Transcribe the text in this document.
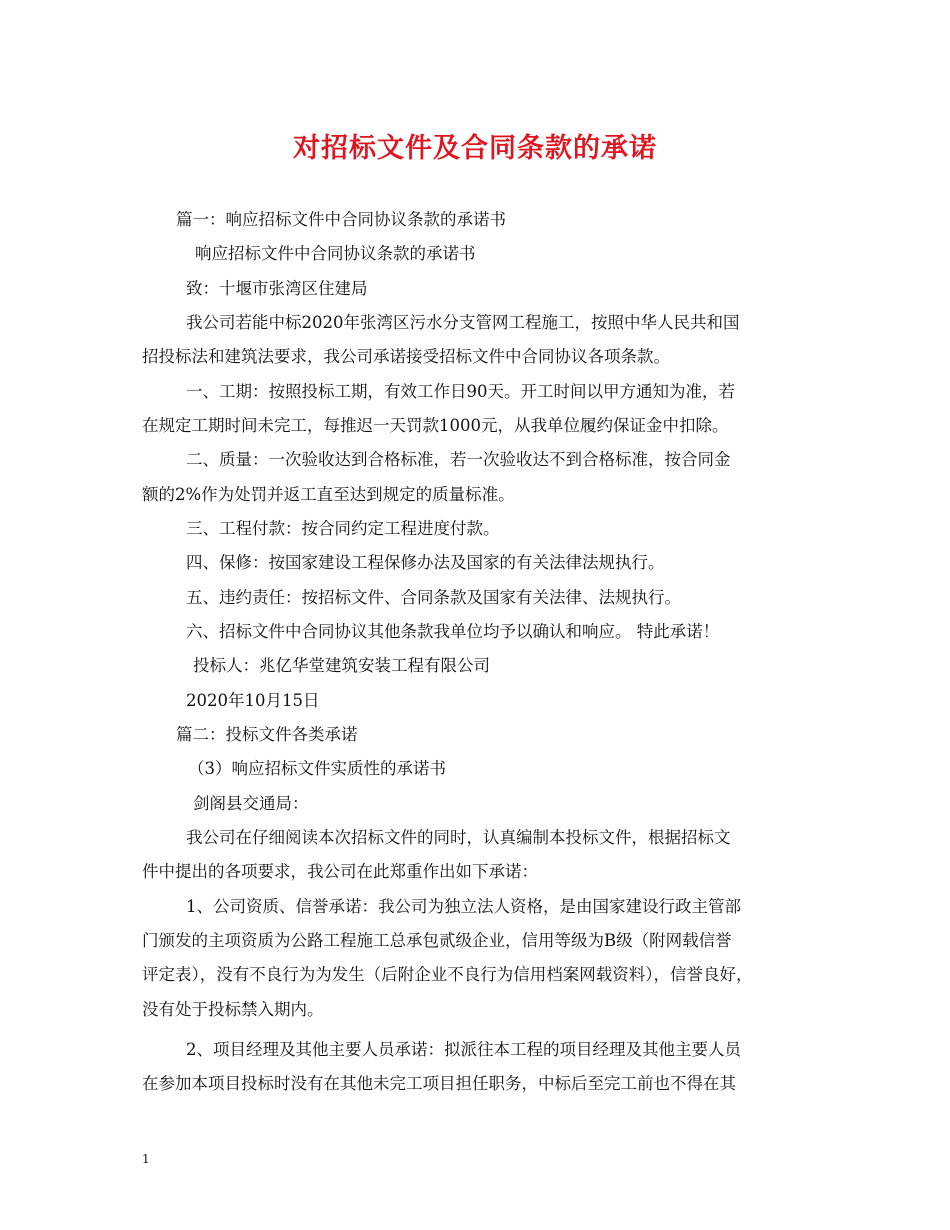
对招标文件及合同条款的承诺
篇一：响应招标文件中合同协议条款的承诺书
响应招标文件中合同协议条款的承诺书
致：十堰市张湾区住建局
我公司若能中标2020年张湾区污水分支管网工程施工，按照中华人民共和国
招投标法和建筑法要求，我公司承诺接受招标文件中合同协议各项条款。
一、工期：按照投标工期，有效工作日90天。开工时间以甲方通知为准，若
在规定工期时间未完工，每推迟一天罚款1000元，从我单位履约保证金中扣除。
二、质量：一次验收达到合格标准，若一次验收达不到合格标准，按合同金
额的2%作为处罚并返工直至达到规定的质量标准。
三、工程付款：按合同约定工程进度付款。
四、保修：按国家建设工程保修办法及国家的有关法律法规执行。
五、违约责任：按招标文件、合同条款及国家有关法律、法规执行。
六、招标文件中合同协议其他条款我单位均予以确认和响应。 特此承诺！
投标人：兆亿华堂建筑安装工程有限公司
2020年10月15日
篇二：投标文件各类承诺
（3）响应招标文件实质性的承诺书
剑阁县交通局：
我公司在仔细阅读本次招标文件的同时，认真编制本投标文件，根据招标文
件中提出的各项要求，我公司在此郑重作出如下承诺：
1、公司资质、信誉承诺：我公司为独立法人资格，是由国家建设行政主管部
门颁发的主项资质为公路工程施工总承包贰级企业，信用等级为B级（附网载信誉
评定表），没有不良行为为发生（后附企业不良行为信用档案网载资料），信誉良好，
没有处于投标禁入期内。
2、项目经理及其他主要人员承诺：拟派往本工程的项目经理及其他主要人员
在参加本项目投标时没有在其他未完工项目担任职务，中标后至完工前也不得在其
1
